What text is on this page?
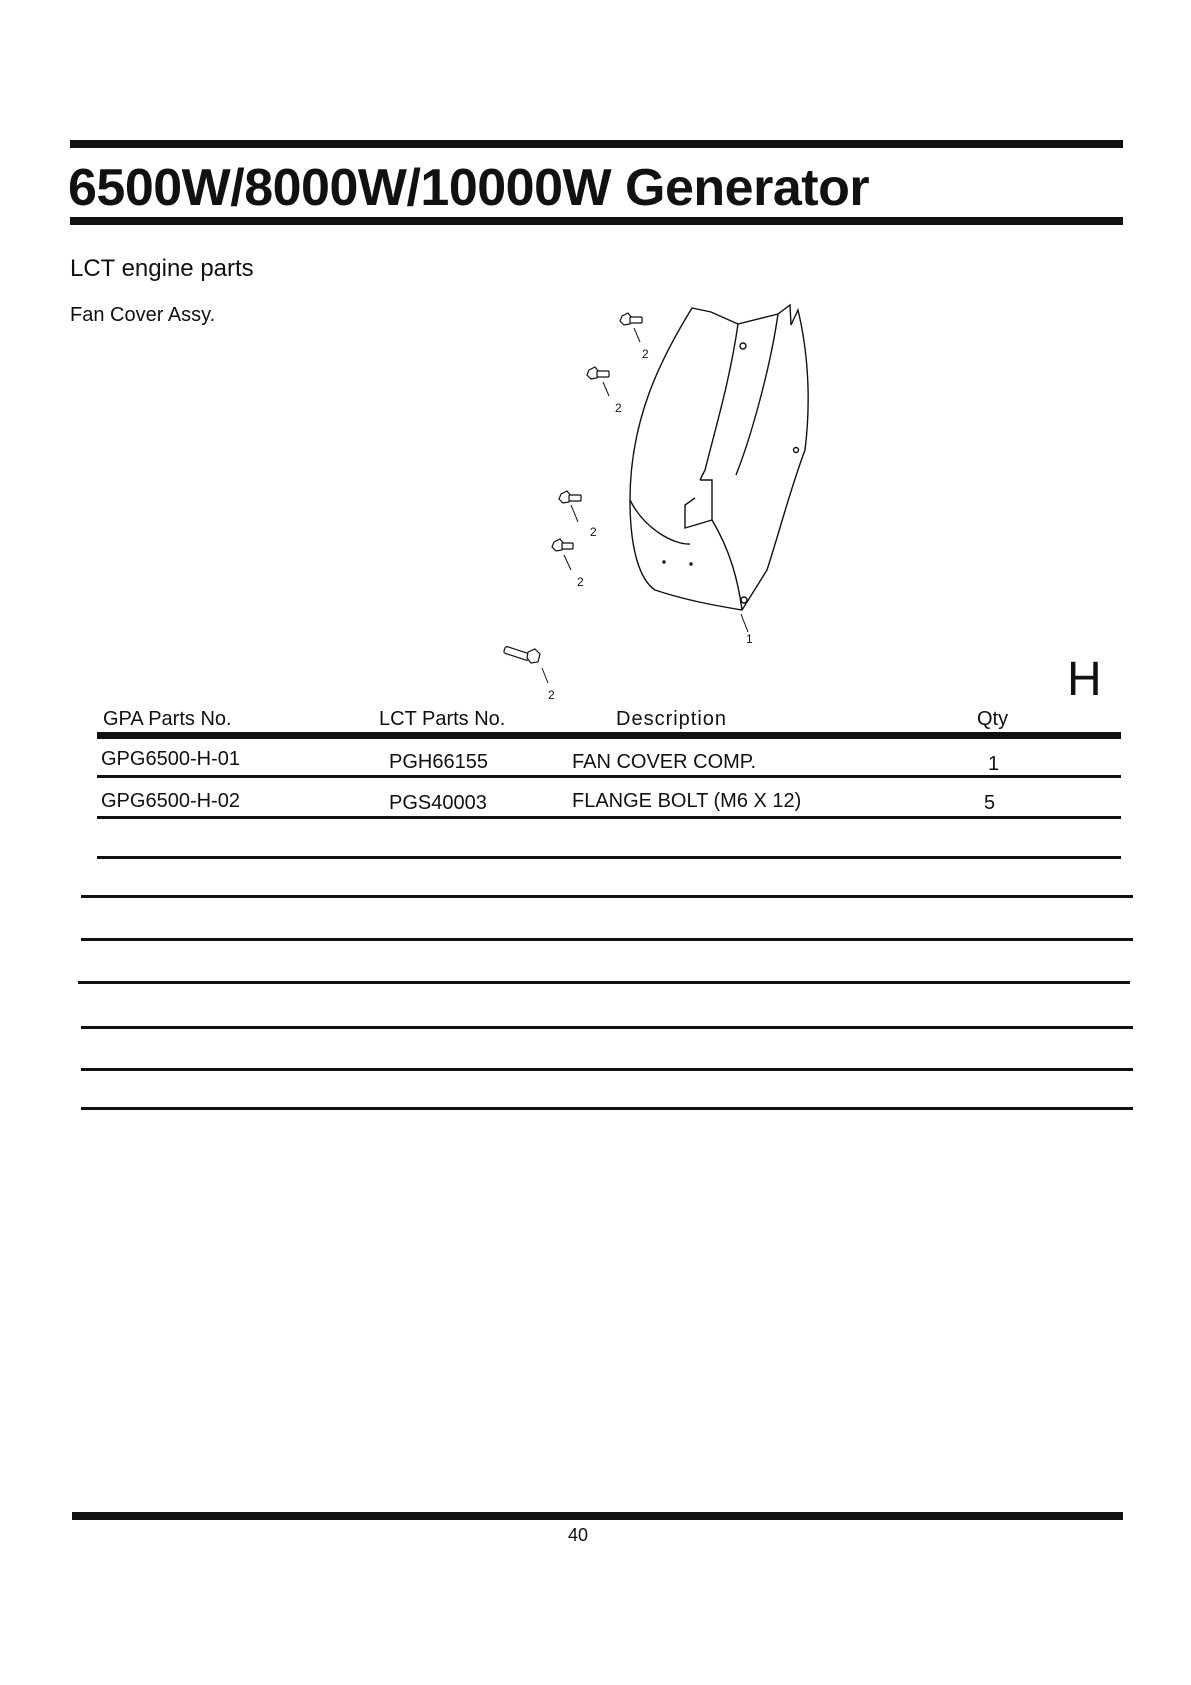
6500W/8000W/10000W Generator
LCT engine parts
Fan Cover Assy.
2
2
2
2
1
2	H
GPA Parts No.	LCT Parts No.	Description	Qty
GPG6500-H-01	PGH66155	FAN COVER COMP.	1
GPG6500-H-02	PGS40003	FLANGE BOLT (M6 X 12)	5
40
